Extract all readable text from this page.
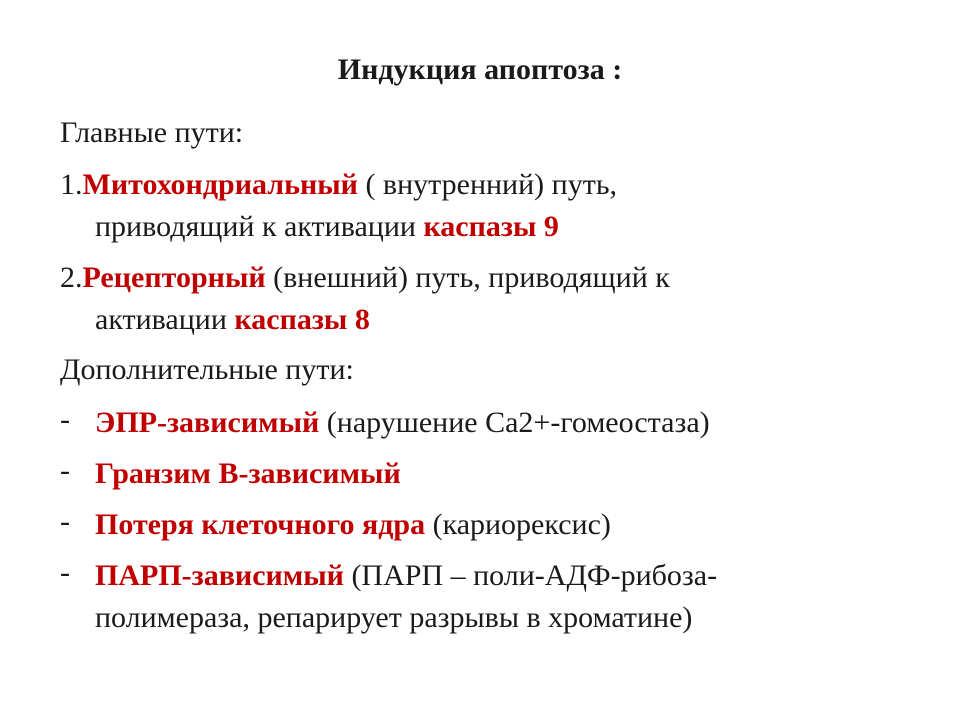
Индукция апоптоза :
Главные пути:
1.Митохондриальный ( внутренний) путь,
приводящий к активации каспазы 9
2.Рецепторный (внешний) путь, приводящий к
активации каспазы 8
Дополнительные пути:
- ЭПР-зависимый (нарушение Са2+-гомеостаза)
- Гранзим В-зависимый
- Потеря клеточного ядра (кариорексис)
- ПАРП-зависимый (ПАРП – поли-АДФ-рибоза-
полимераза, репарирует разрывы в хроматине)
